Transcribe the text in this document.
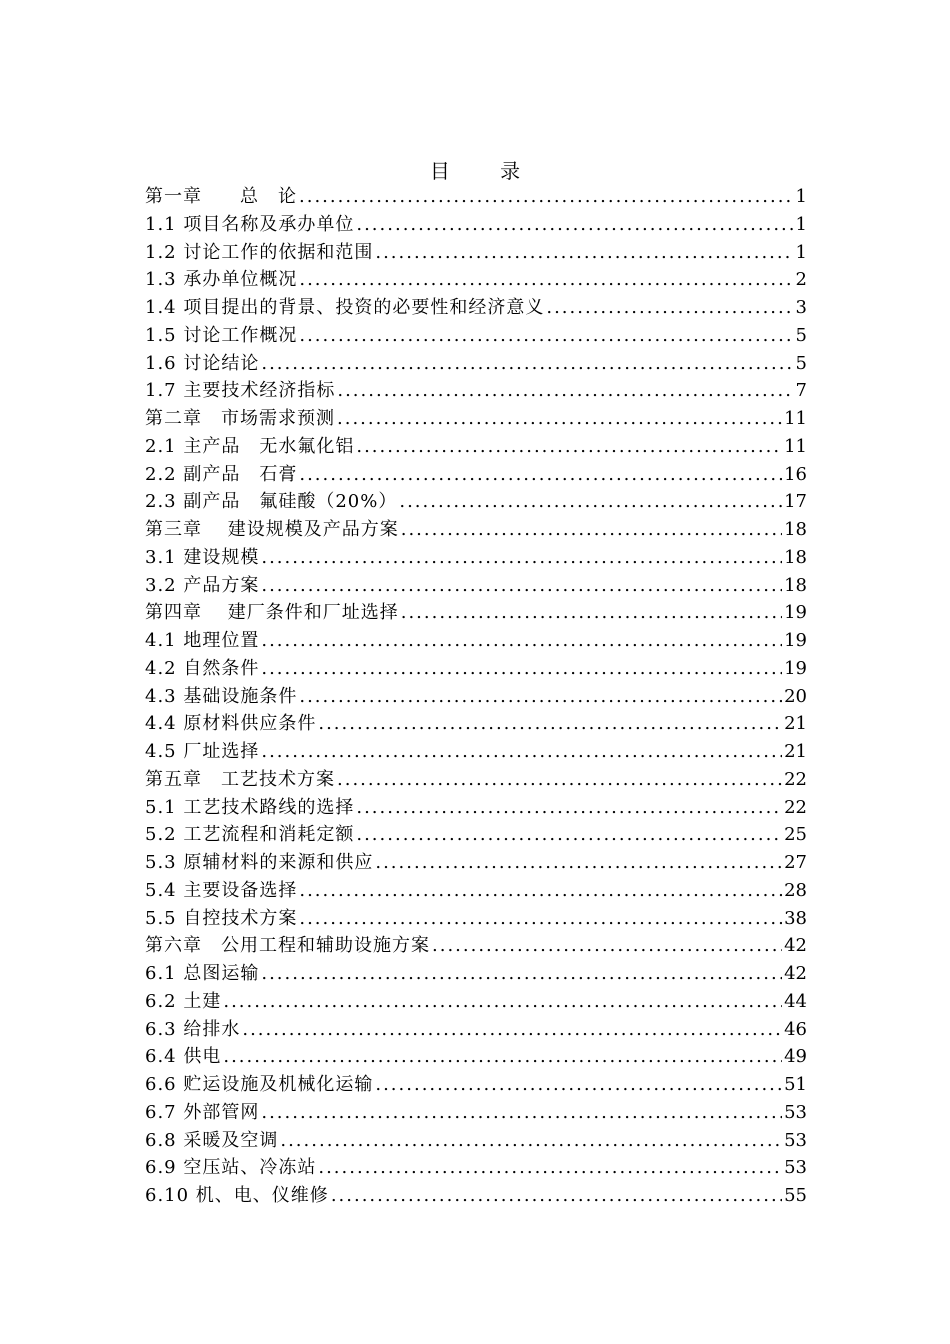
目 录
第一章　　总　论 .....	1
1.1 项目名称及承办单位 .....	1
1.2 讨论工作的依据和范围 .....	1
1.3 承办单位概况 .....	2
1.4 项目提出的背景、投资的必要性和经济意义 .....	3
1.5 讨论工作概况 .....	5
1.6 讨论结论 .....	5
1.7 主要技术经济指标 .....	7
第二章　市场需求预测 .....	11
2.1 主产品　无水氟化铝 .....	11
2.2 副产品　石膏 .....	16
2.3 副产品　氟硅酸（20%） .....	17
第三章　 建设规模及产品方案 .....	18
3.1 建设规模 .....	18
3.2 产品方案 .....	18
第四章　 建厂条件和厂址选择 .....	19
4.1 地理位置 .....	19
4.2 自然条件 .....	19
4.3 基础设施条件 .....	20
4.4 原材料供应条件 .....	21
4.5 厂址选择 .....	21
第五章　工艺技术方案 .....	22
5.1 工艺技术路线的选择 .....	22
5.2 工艺流程和消耗定额 .....	25
5.3 原辅材料的来源和供应 .....	27
5.4 主要设备选择 .....	28
5.5 自控技术方案 .....	38
第六章　公用工程和辅助设施方案 .....	42
6.1 总图运输 .....	42
6.2 土建 .....	44
6.3 给排水 .....	46
6.4 供电 .....	49
6.6 贮运设施及机械化运输 .....	51
6.7 外部管网 .....	53
6.8 采暖及空调 .....	53
6.9 空压站、冷冻站 .....	53
6.10 机、电、仪维修 .....	55
